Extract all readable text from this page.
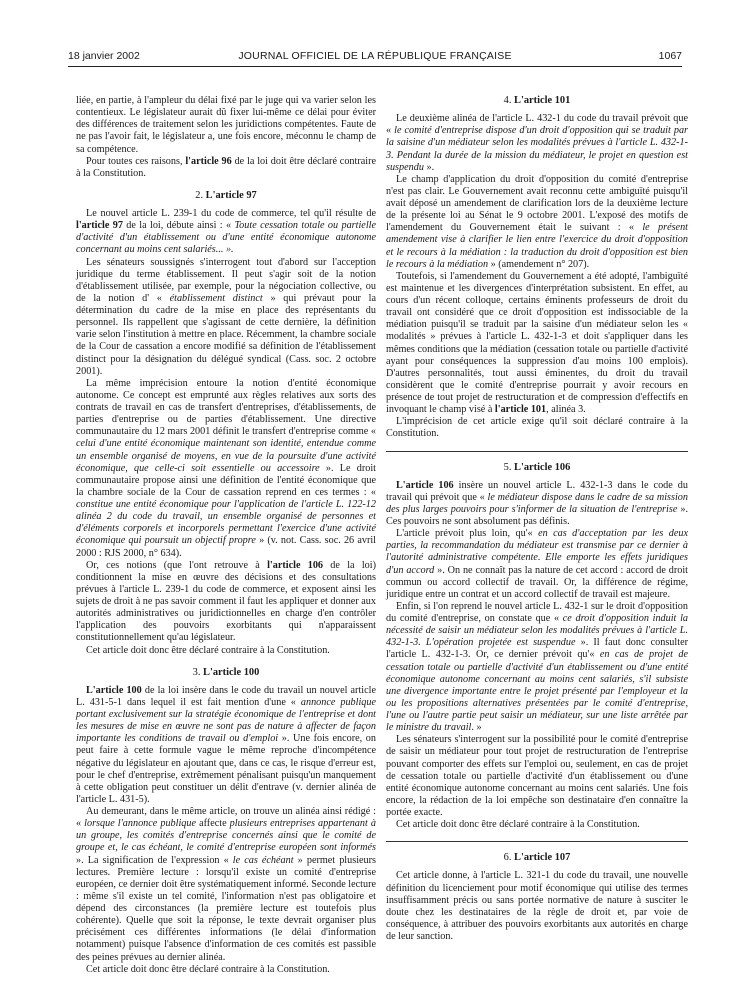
18 janvier 2002	JOURNAL OFFICIEL DE LA RÉPUBLIQUE FRANÇAISE	1067

liée, en partie, à l'ampleur du délai fixé par le juge qui va varier selon les contentieux. Le législateur aurait dû fixer lui-même ce délai pour éviter des différences de traitement selon les juridictions compétentes. Faute de ne pas l'avoir fait, le législateur a, une fois encore, méconnu le champ de sa compétence.

Pour toutes ces raisons, l'article 96 de la loi doit être déclaré contraire à la Constitution.

2. L'article 97

Le nouvel article L. 239-1 du code de commerce, tel qu'il résulte de l'article 97 de la loi, débute ainsi : « Toute cessation totale ou partielle d'activité d'un établissement ou d'une entité économique autonome concernant au moins cent salariés... ».

Les sénateurs soussignés s'interrogent tout d'abord sur l'acception juridique du terme établissement. Il peut s'agir soit de la notion d'établissement utilisée, par exemple, pour la négociation collective, ou de la notion d' « établissement distinct » qui prévaut pour la détermination du cadre de la mise en place des représentants du personnel. Ils rappellent que s'agissant de cette dernière, la définition varie selon l'institution à mettre en place. Récemment, la chambre sociale de la Cour de cassation a encore modifié sa définition de l'établissement distinct pour la désignation du délégué syndical (Cass. soc. 2 octobre 2001).

La même imprécision entoure la notion d'entité économique autonome. Ce concept est emprunté aux règles relatives aux sorts des contrats de travail en cas de transfert d'entreprises, d'établissements, de parties d'entreprise ou de parties d'établissement. Une directive communautaire du 12 mars 2001 définit le transfert d'entreprise comme « celui d'une entité économique maintenant son identité, entendue comme un ensemble organisé de moyens, en vue de la poursuite d'une activité économique, que celle-ci soit essentielle ou accessoire ». Le droit communautaire propose ainsi une définition de l'entité économique que la chambre sociale de la Cour de cassation reprend en ces termes : « constitue une entité économique pour l'application de l'article L. 122-12 alinéa 2 du code du travail, un ensemble organisé de personnes et d'éléments corporels et incorporels permettant l'exercice d'une activité économique qui poursuit un objectif propre » (v. not. Cass. soc. 26 avril 2000 : RJS 2000, n° 634).

Or, ces notions (que l'ont retrouve à l'article 106 de la loi) conditionnent la mise en œuvre des décisions et des consultations prévues à l'article L. 239-1 du code de commerce, et exposent ainsi les sujets de droit à ne pas savoir comment il faut les appliquer et donner aux autorités administratives ou juridictionnelles en charge d'en contrôler l'application des pouvoirs exorbitants qui n'apparaissent constitutionnellement qu'au législateur.

Cet article doit donc être déclaré contraire à la Constitution.

3. L'article 100

L'article 100 de la loi insère dans le code du travail un nouvel article L. 431-5-1 dans lequel il est fait mention d'une « annonce publique portant exclusivement sur la stratégie économique de l'entreprise et dont les mesures de mise en œuvre ne sont pas de nature à affecter de façon importante les conditions de travail ou d'emploi ». Une fois encore, on peut faire à cette formule vague le même reproche d'incompétence négative du législateur en ajoutant que, dans ce cas, le risque d'erreur est, pour le chef d'entreprise, extrêmement pénalisant puisqu'un manquement à cette obligation peut constituer un délit d'entrave (v. dernier alinéa de l'article L. 431-5).

Au demeurant, dans le même article, on trouve un alinéa ainsi rédigé : « lorsque l'annonce publique affecte plusieurs entreprises appartenant à un groupe, les comités d'entreprise concernés ainsi que le comité de groupe et, le cas échéant, le comité d'entreprise européen sont informés ». La signification de l'expression « le cas échéant » permet plusieurs lectures. Première lecture : lorsqu'il existe un comité d'entreprise européen, ce dernier doit être systématiquement informé. Seconde lecture : même s'il existe un tel comité, l'information n'est pas obligatoire et dépend des circonstances (la première lecture est toutefois plus cohérente). Quelle que soit la réponse, le texte devrait organiser plus précisément ces différentes informations (le délai d'information notamment) puisque l'absence d'information de ces comités est passible des peines prévues au dernier alinéa.

Cet article doit donc être déclaré contraire à la Constitution.

4. L'article 101

Le deuxième alinéa de l'article L. 432-1 du code du travail prévoit que « le comité d'entreprise dispose d'un droit d'opposition qui se traduit par la saisine d'un médiateur selon les modalités prévues à l'article L. 432-1-3. Pendant la durée de la mission du médiateur, le projet en question est suspendu ».

Le champ d'application du droit d'opposition du comité d'entreprise n'est pas clair. Le Gouvernement avait reconnu cette ambiguïté puisqu'il avait déposé un amendement de clarification lors de la deuxième lecture de la présente loi au Sénat le 9 octobre 2001. L'exposé des motifs de l'amendement du Gouvernement était le suivant : « le présent amendement vise à clarifier le lien entre l'exercice du droit d'opposition et le recours à la médiation : la traduction du droit d'opposition est bien le recours à la médiation » (amendement n° 207).

Toutefois, si l'amendement du Gouvernement a été adopté, l'ambiguïté est maintenue et les divergences d'interprétation subsistent. En effet, au cours d'un récent colloque, certains éminents professeurs de droit du travail ont considéré que ce droit d'opposition est indissociable de la médiation puisqu'il se traduit par la saisine d'un médiateur selon les « modalités » prévues à l'article L. 432-1-3 et doit s'appliquer dans les mêmes conditions que la médiation (cessation totale ou partielle d'activité ayant pour conséquences la suppression d'au moins 100 emplois). D'autres personnalités, tout aussi éminentes, du droit du travail considèrent que le comité d'entreprise pourrait y avoir recours en présence de tout projet de restructuration et de compression d'effectifs en invoquant le champ visé à l'article 101, alinéa 3.

L'imprécision de cet article exige qu'il soit déclaré contraire à la Constitution.

5. L'article 106

L'article 106 insère un nouvel article L. 432-1-3 dans le code du travail qui prévoit que « le médiateur dispose dans le cadre de sa mission des plus larges pouvoirs pour s'informer de la situation de l'entreprise ». Ces pouvoirs ne sont absolument pas définis.

L'article prévoit plus loin, qu'« en cas d'acceptation par les deux parties, la recommandation du médiateur est transmise par ce dernier à l'autorité administrative compétente. Elle emporte les effets juridiques d'un accord ». On ne connaît pas la nature de cet accord : accord de droit commun ou accord collectif de travail. Or, la différence de régime, juridique entre un contrat et un accord collectif de travail est majeure.

Enfin, si l'on reprend le nouvel article L. 432-1 sur le droit d'opposition du comité d'entreprise, on constate que « ce droit d'opposition induit la nécessité de saisir un médiateur selon les modalités prévues à l'article L. 432-1-3. L'opération projetée est suspendue ». Il faut donc consulter l'article L. 432-1-3. Or, ce dernier prévoit qu'« en cas de projet de cessation totale ou partielle d'activité d'un établissement ou d'une entité économique autonome concernant au moins cent salariés, s'il subsiste une divergence importante entre le projet présenté par l'employeur et la ou les propositions alternatives présentées par le comité d'entreprise, l'une ou l'autre partie peut saisir un médiateur, sur une liste arrêtée par le ministre du travail. »

Les sénateurs s'interrogent sur la possibilité pour le comité d'entreprise de saisir un médiateur pour tout projet de restructuration de l'entreprise pouvant comporter des effets sur l'emploi ou, seulement, en cas de projet de cessation totale ou partielle d'activité d'un établissement ou d'une entité économique autonome concernant au moins cent salariés. Une fois encore, la rédaction de la loi empêche son destinataire d'en connaître la portée exacte.

Cet article doit donc être déclaré contraire à la Constitution.

6. L'article 107

Cet article donne, à l'article L. 321-1 du code du travail, une nouvelle définition du licenciement pour motif économique qui utilise des termes insuffisamment précis ou sans portée normative de nature à susciter le doute chez les destinataires de la règle de droit et, par voie de conséquence, à attribuer des pouvoirs exorbitants aux autorités en charge de leur sanction.
